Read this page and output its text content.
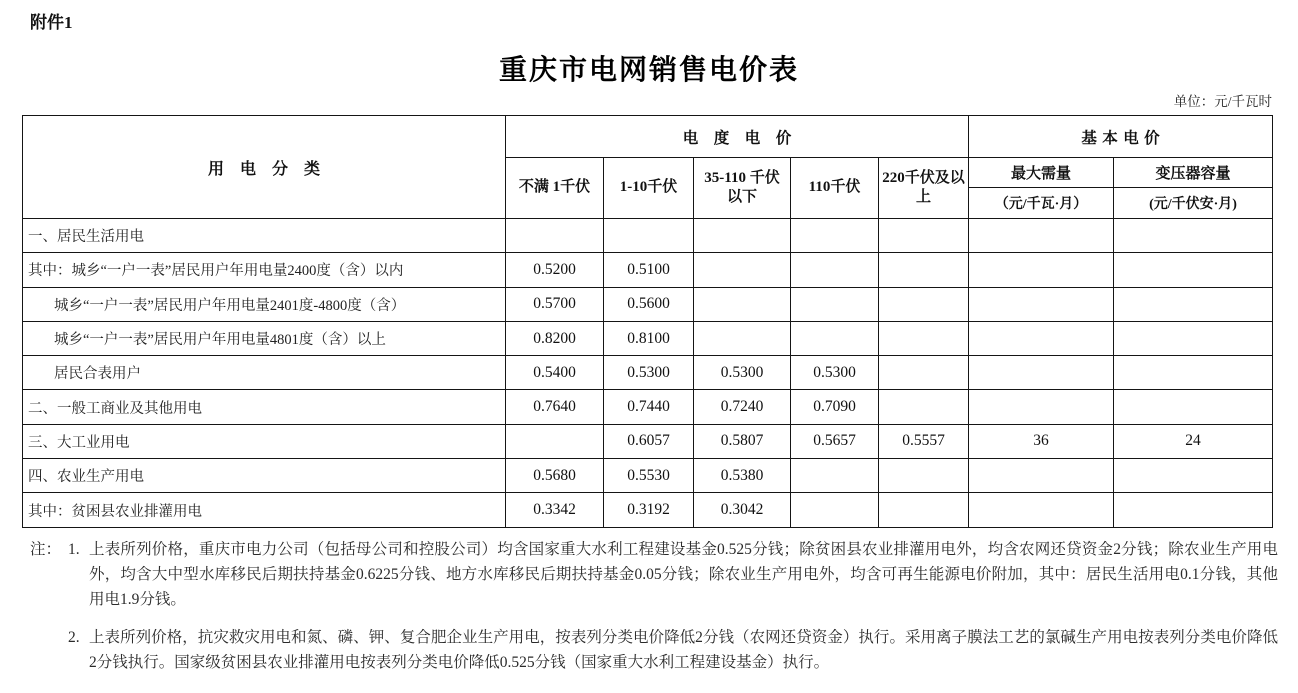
附件1
重庆市电网销售电价表
单位：元/千瓦时
用　电　分　类	电　度　电　价					基本电价	
	不满 1千伏	1-10千伏	35-110 千伏以下	110千伏	220千伏及以上	最大需量	变压器容量
						（元/千瓦·月）	(元/千伏安·月)
一、居民生活用电							
其中：城乡“一户一表”居民用户年用电量2400度（含）以内	0.5200	0.5100					
城乡“一户一表”居民用户年用电量2401度-4800度（含）	0.5700	0.5600					
城乡“一户一表”居民用户年用电量4801度（含）以上	0.8200	0.8100					
居民合表用户	0.5400	0.5300	0.5300	0.5300			
二、一般工商业及其他用电	0.7640	0.7440	0.7240	0.7090			
三、大工业用电		0.6057	0.5807	0.5657	0.5557	36	24
四、农业生产用电	0.5680	0.5530	0.5380				
其中：贫困县农业排灌用电	0.3342	0.3192	0.3042				
注： 1. 上表所列价格，重庆市电力公司（包括母公司和控股公司）均含国家重大水利工程建设基金0.525分钱；除贫困县农业排灌用电外，均含农网还贷资金2分钱；除农业生产用电外，均含大中型水库移民后期扶持基金0.6225分钱、地方水库移民后期扶持基金0.05分钱；除农业生产用电外，均含可再生能源电价附加，其中：居民生活用电0.1分钱，其他用电1.9分钱。

2. 上表所列价格，抗灾救灾用电和氮、磷、钾、复合肥企业生产用电，按表列分类电价降低2分钱（农网还贷资金）执行。采用离子膜法工艺的氯碱生产用电按表列分类电价降低2分钱执行。国家级贫困县农业排灌用电按表列分类电价降低0.525分钱（国家重大水利工程建设基金）执行。
